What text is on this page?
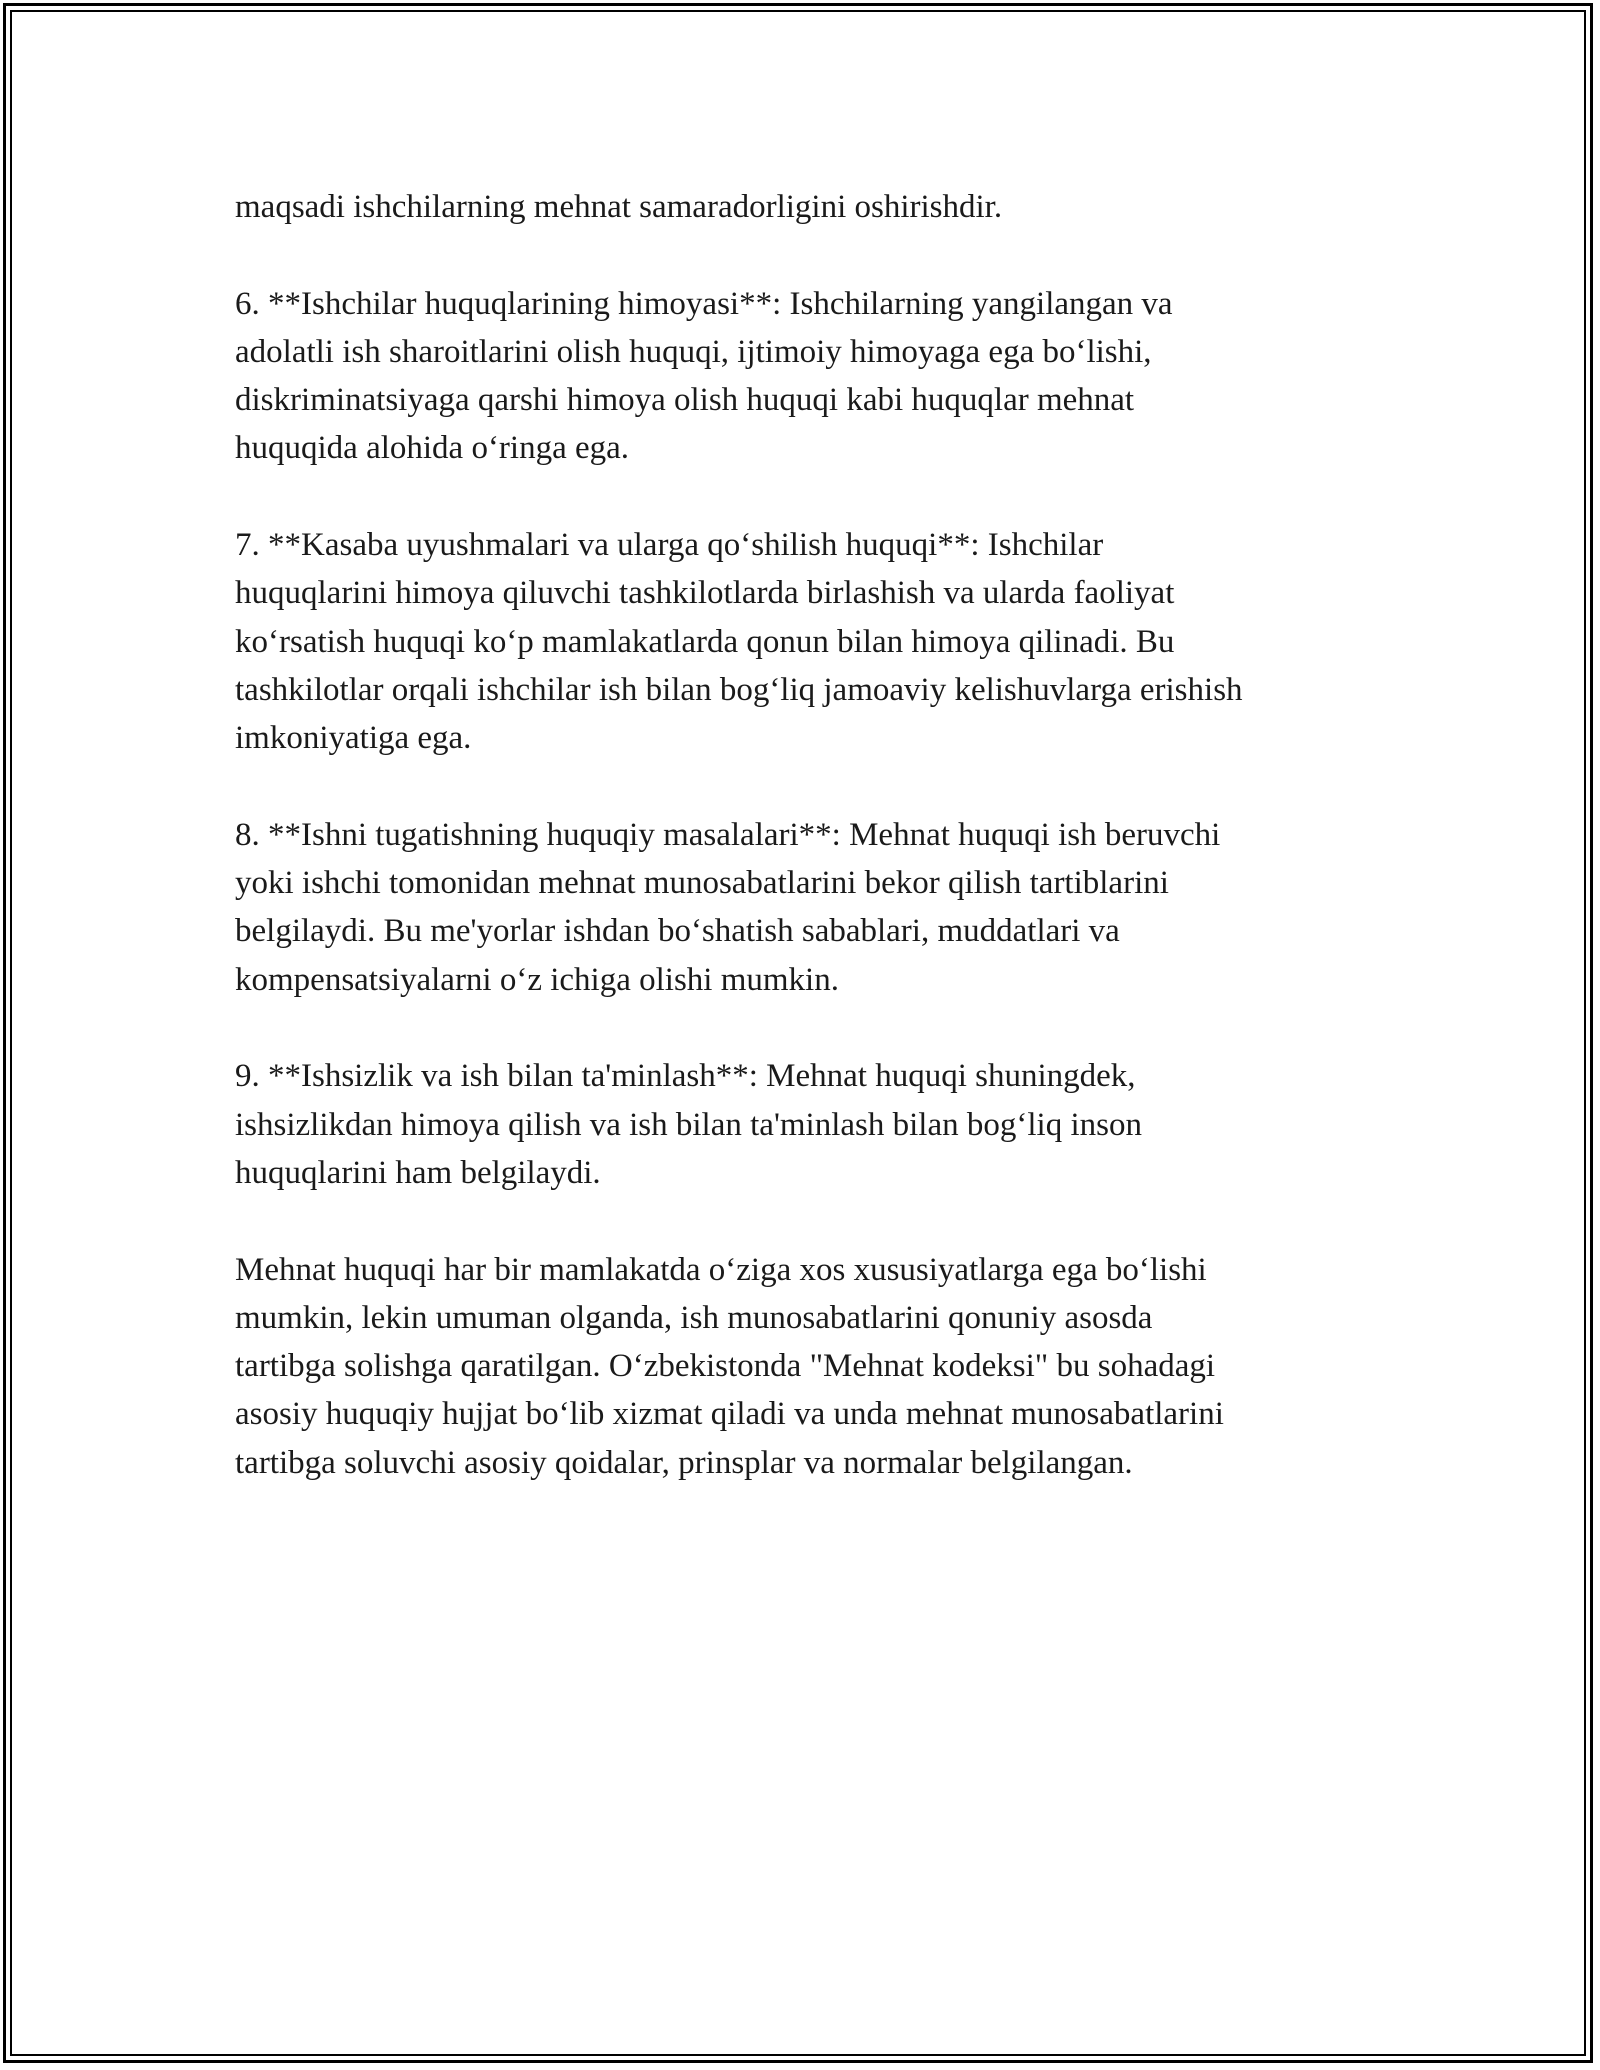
maqsadi ishchilarning mehnat samaradorligini oshirishdir.

6. **Ishchilar huquqlarining himoyasi**: Ishchilarning yangilangan va
adolatli ish sharoitlarini olish huquqi, ijtimoiy himoyaga ega bo‘lishi,
diskriminatsiyaga qarshi himoya olish huquqi kabi huquqlar mehnat
huquqida alohida o‘ringa ega.

7. **Kasaba uyushmalari va ularga qo‘shilish huquqi**: Ishchilar
huquqlarini himoya qiluvchi tashkilotlarda birlashish va ularda faoliyat
ko‘rsatish huquqi ko‘p mamlakatlarda qonun bilan himoya qilinadi. Bu
tashkilotlar orqali ishchilar ish bilan bog‘liq jamoaviy kelishuvlarga erishish
imkoniyatiga ega.

8. **Ishni tugatishning huquqiy masalalari**: Mehnat huquqi ish beruvchi
yoki ishchi tomonidan mehnat munosabatlarini bekor qilish tartiblarini
belgilaydi. Bu me'yorlar ishdan bo‘shatish sabablari, muddatlari va
kompensatsiyalarni o‘z ichiga olishi mumkin.

9. **Ishsizlik va ish bilan ta'minlash**: Mehnat huquqi shuningdek,
ishsizlikdan himoya qilish va ish bilan ta'minlash bilan bog‘liq inson
huquqlarini ham belgilaydi.

Mehnat huquqi har bir mamlakatda o‘ziga xos xususiyatlarga ega bo‘lishi
mumkin, lekin umuman olganda, ish munosabatlarini qonuniy asosda
tartibga solishga qaratilgan. O‘zbekistonda "Mehnat kodeksi" bu sohadagi
asosiy huquqiy hujjat bo‘lib xizmat qiladi va unda mehnat munosabatlarini
tartibga soluvchi asosiy qoidalar, prinsplar va normalar belgilangan.
